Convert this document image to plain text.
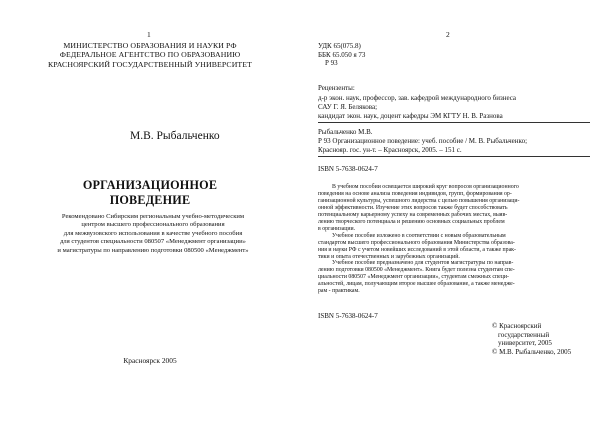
1
МИНИСТЕРСТВО ОБРАЗОВАНИЯ И НАУКИ РФ
ФЕДЕРАЛЬНОЕ АГЕНТСТВО ПО ОБРАЗОВАНИЮ
КРАСНОЯРСКИЙ ГОСУДАРСТВЕННЫЙ УНИВЕРСИТЕТ
М.В. Рыбальченко
ОРГАНИЗАЦИОННОЕ
ПОВЕДЕНИЕ
Рекомендовано Сибирским региональным учебно-методическим
центром высшего профессионального образования
для межвузовского использования в качестве учебного пособия
для студентов специальности 080507 «Менеджмент организации»
и магистратуры по направлению подготовки 080500 «Менеджмент»
Красноярск 2005
2
УДК 65(075.8)
ББК 65.050 я 73
Р 93
Рецензенты:
д-р экон. наук, профессор, зав. кафедрой международного бизнеса
САУ Г. Я. Белякова;
кандидат экон. наук, доцент кафедры ЭМ КГТУ Н. В. Разнова
Рыбальченко М.В.
Р 93 Организационное поведение: учеб. пособие / М. В. Рыбальченко;
Краснояр. гос. ун-т. – Красноярск, 2005. – 151 с.
ISBN 5-7638-0624-7
В учебном пособии освещается широкий круг вопросов организационного
поведения на основе анализа поведения индивидов, групп, формирования ор-
ганизационной культуры, успешного лидерства с целью повышения организаци-
онной эффективности. Изучение этих вопросов также будет способствовать
потенциальному карьерному успеху на современных рабочих местах, выяв-
лению творческого потенциала и решению основных социальных проблем
в организации.
Учебное пособие изложено в соответствии с новым образовательным
стандартом высшего профессионального образования Министерства образова-
ния и науки РФ с учетом новейших исследований в этой области, а также прак-
тики и опыта отечественных и зарубежных организаций.
Учебное пособие предназначено для студентов магистратуры по направ-
лению подготовки 080500 «Менеджмент». Книга будет полезна студентам спе-
циальности 080507 «Менеджмент организации», студентам смежных специ-
альностей, лицам, получающим второе высшее образование, а также менедже-
рам - практикам.
ISBN 5-7638-0624-7
© Красноярский
государственный
университет, 2005
© М.В. Рыбальченко, 2005
